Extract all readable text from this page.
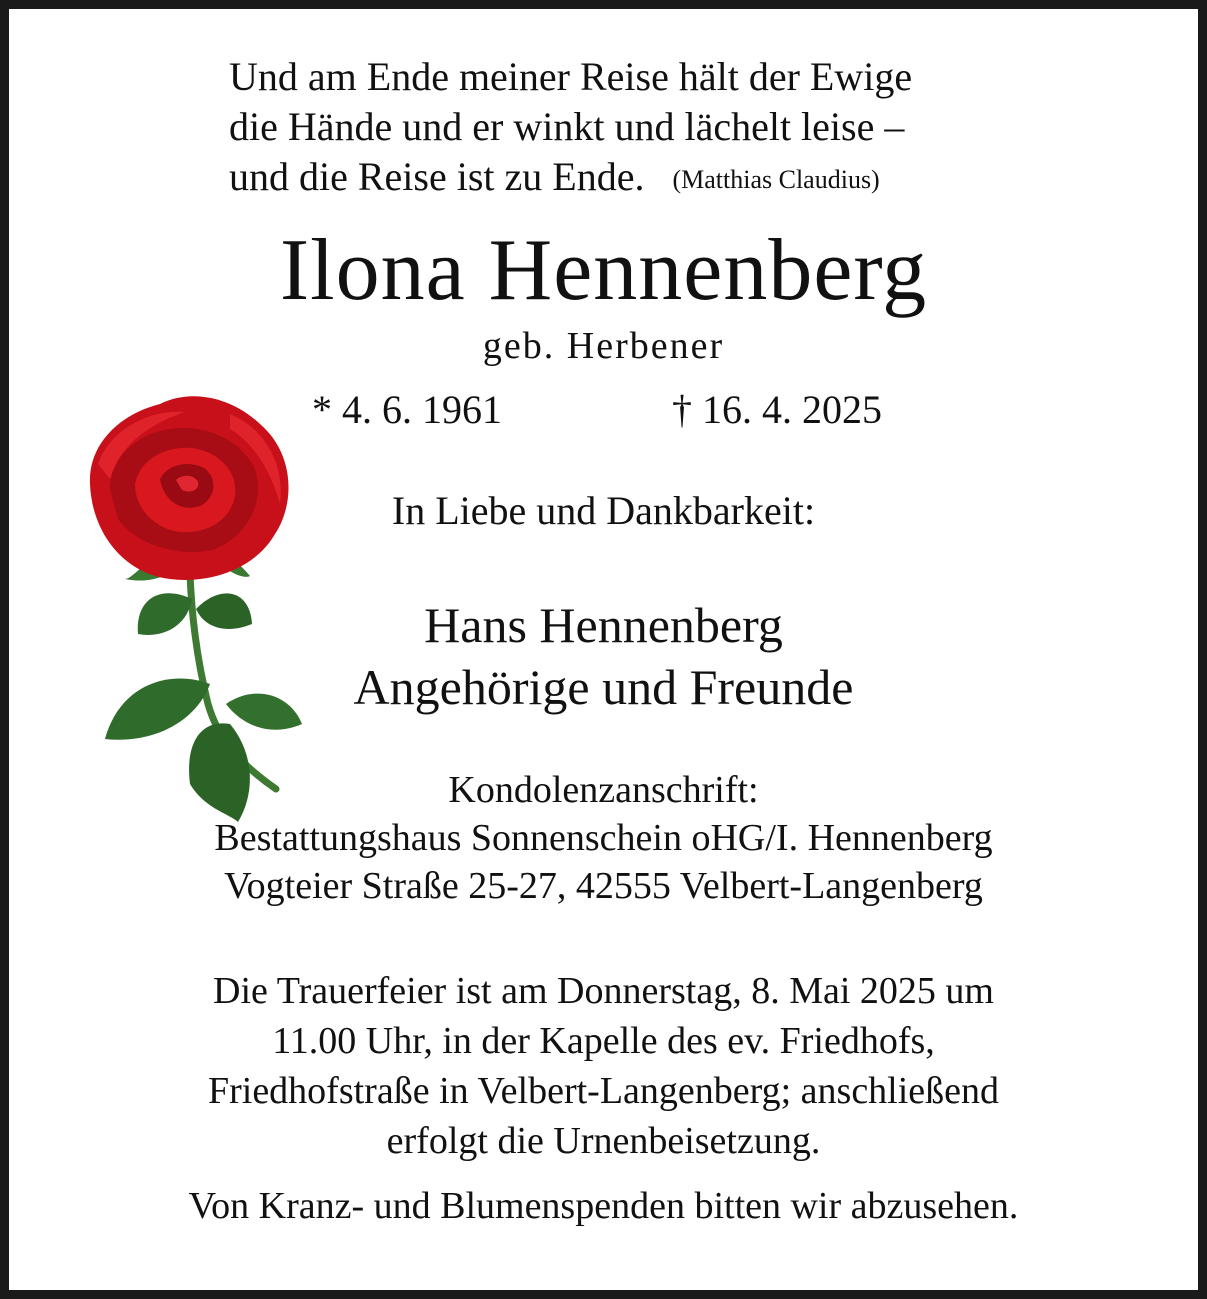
Und am Ende meiner Reise hält der Ewige
die Hände und er winkt und lächelt leise –
und die Reise ist zu Ende. (Matthias Claudius)
Ilona Hennenberg
geb. Herbener
* 4. 6. 1961	† 16. 4. 2025
In Liebe und Dankbarkeit:
Hans Hennenberg
Angehörige und Freunde
Kondolenzanschrift:
Bestattungshaus Sonnenschein oHG/I. Hennenberg
Vogteier Straße 25-27, 42555 Velbert-Langenberg
Die Trauerfeier ist am Donnerstag, 8. Mai 2025 um
11.00 Uhr, in der Kapelle des ev. Friedhofs,
Friedhofstraße in Velbert-Langenberg; anschließend
erfolgt die Urnenbeisetzung.
Von Kranz- und Blumenspenden bitten wir abzusehen.
